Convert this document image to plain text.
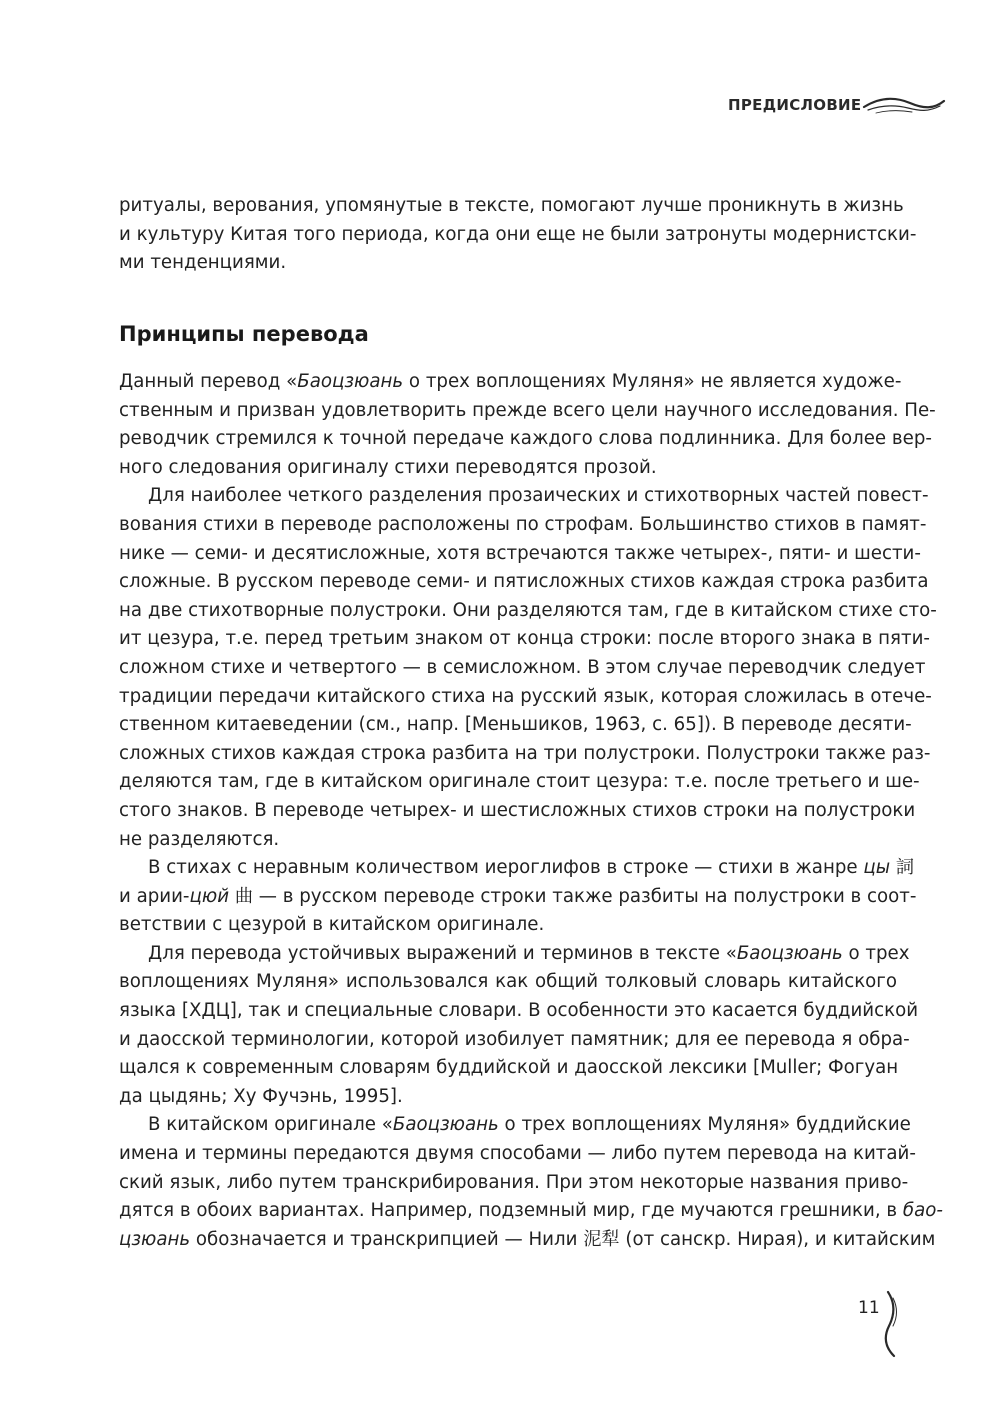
ПРЕДИСЛОВИЕ
ритуалы, верования, упомянутые в тексте, помогают лучше проникнуть в жизнь
и культуру Китая того периода, когда они еще не были затронуты модернистски-
ми тенденциями.
Принципы перевода
Данный перевод «Баоцзюань о трех воплощениях Муляня» не является художе-
ственным и призван удовлетворить прежде всего цели научного исследования. Пе-
реводчик стремился к точной передаче каждого слова подлинника. Для более вер-
ного следования оригиналу стихи переводятся прозой.
Для наиболее четкого разделения прозаических и стихотворных частей повест-
вования стихи в переводе расположены по строфам. Большинство стихов в памят-
нике — семи- и десятисложные, хотя встречаются также четырех-, пяти- и шести-
сложные. В русском переводе семи- и пятисложных стихов каждая строка разбита
на две стихотворные полустроки. Они разделяются там, где в китайском стихе сто-
ит цезура, т.е. перед третьим знаком от конца строки: после второго знака в пяти-
сложном стихе и четвертого — в семисложном. В этом случае переводчик следует
традиции передачи китайского стиха на русский язык, которая сложилась в отече-
ственном китаеведении (см., напр. [Меньшиков, 1963, с. 65]). В переводе десяти-
сложных стихов каждая строка разбита на три полустроки. Полустроки также раз-
деляются там, где в китайском оригинале стоит цезура: т.е. после третьего и ше-
стого знаков. В переводе четырех- и шестисложных стихов строки на полустроки
не разделяются.
В стихах с неравным количеством иероглифов в строке — стихи в жанре цы 詞
и арии-цюй 曲 — в русском переводе строки также разбиты на полустроки в соот-
ветствии с цезурой в китайском оригинале.
Для перевода устойчивых выражений и терминов в тексте «Баоцзюань о трех
воплощениях Муляня» использовался как общий толковый словарь китайского
языка [ХДЦ], так и специальные словари. В особенности это касается буддийской
и даосской терминологии, которой изобилует памятник; для ее перевода я обра-
щался к современным словарям буддийской и даосской лексики [Muller; Фогуан
да цыдянь; Ху Фучэнь, 1995].
В китайском оригинале «Баоцзюань о трех воплощениях Муляня» буддийские
имена и термины передаются двумя способами — либо путем перевода на китай-
ский язык, либо путем транскрибирования. При этом некоторые названия приво-
дятся в обоих вариантах. Например, подземный мир, где мучаются грешники, в бао-
цзюань обозначается и транскрипцией — Нили 泥犁 (от санскр. Нирая), и китайским
11
